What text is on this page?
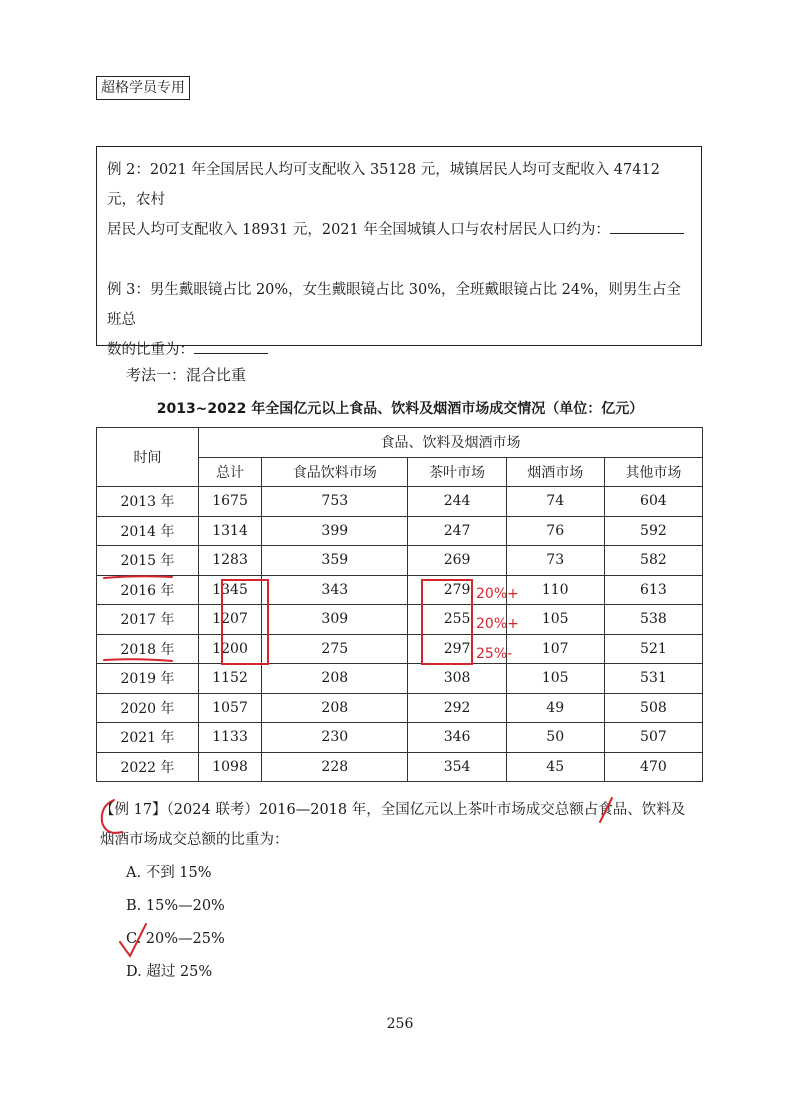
超格学员专用

例 2：2021 年全国居民人均可支配收入 35128 元，城镇居民人均可支配收入 47412 元，农村

居民人均可支配收入 18931 元，2021 年全国城镇人口与农村居民人口约为：

例 3：男生戴眼镜占比 20%，女生戴眼镜占比 30%，全班戴眼镜占比 24%，则男生占全班总

数的比重为：

考法一：混合比重
2013~2022 年全国亿元以上食品、饮料及烟酒市场成交情况（单位：亿元）
时间	食品、饮料及烟酒市场				
	总计	食品饮料市场	茶叶市场	烟酒市场	其他市场
2013 年	1675	753	244	74	604
2014 年	1314	399	247	76	592
2015 年	1283	359	269	73	582
2016 年	1345	343	279	110	613
2017 年	1207	309	255	105	538
2018 年	1200	275	297	107	521
2019 年	1152	208	308	105	531
2020 年	1057	208	292	49	508
2021 年	1133	230	346	50	507
2022 年	1098	228	354	45	470

【例 17】（2024 联考）2016—2018 年，全国亿元以上茶叶市场成交总额占食品、饮料及

烟酒市场成交总额的比重为：

A. 不到 15%
B. 15%—20%
C. 20%—25%
D. 超过 25%
256
20%+
20%+
25%-
C
